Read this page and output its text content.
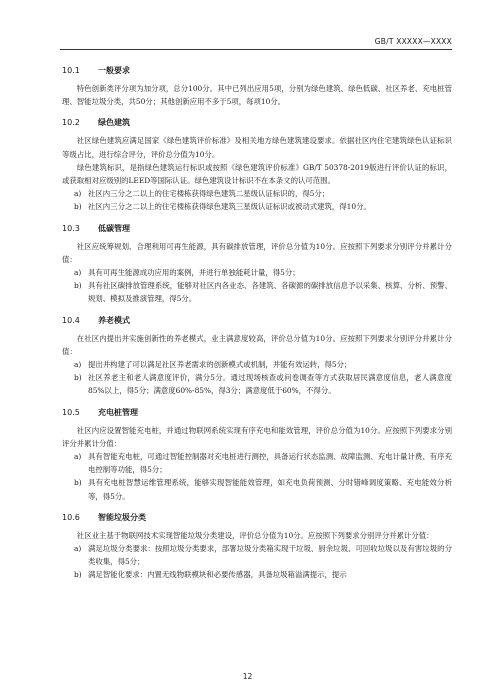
GB/T XXXXX—XXXX
10.1 一般要求

特色创新类评分项为加分项，总分100分。其中已列出应用5项，分别为绿色建筑、绿色低碳、社区养老、充电桩管理、智能垃圾分类，共50分；其他创新应用不多于5项，每项10分。

10.2 绿色建筑

社区绿色建筑应满足国家《绿色建筑评价标准》及相关地方绿色建筑建设要求。依据社区内住宅建筑绿色认证标识等级占比，进行综合评分，评价总分值为10分。

绿色建筑标识，是指绿色建筑运行标识或按照《绿色建筑评价标准》GB/T 50378-2019版进行评价认证的标识，或获取相对应级别的LEED等国际认证。绿色建筑设计标识不在本条文的认可范围。

a) 社区内三分之二以上的住宅楼栋获得绿色建筑二星级认证标识的，得5分；
b) 社区内三分之二以上的住宅楼栋获得绿色建筑三星级认证标识或被动式建筑，得10分。
10.3 低碳管理

社区应统筹规划、合理利用可再生能源，具有碳排放管理，评价总分值为10分。应按照下列要求分别评分并累计分值：

a) 具有可再生能源成功应用的案例，并进行单独能耗计量，得5分；
b) 具有社区碳排放管理系统，能够对社区内各业态、各建筑、各碳源的碳排放信息予以采集、核算、分析、预警、规划、模拟及推演管理，得5分。
10.4 养老模式

在社区内提出并实施创新性的养老模式，业主满意度较高，评价总分值为10分。应按照下列要求分别评分并累计分值：

a) 提出并构建了可以满足社区养老需求的创新模式或机制，并能有效运转，得5分；
b) 社区养老主和老人满意度评价，满分5分。通过现场核查或问卷调查等方式获取居民满意度信息，老人满意度85%以上，得5分；满意度60%-85%，得3分；满意度低于60%，不得分。
10.5 充电桩管理

社区内应设置智能充电桩，并通过物联网系统实现有序充电和能效管理，评价总分值为10分。应按照下列要求分别评分并累计分值：

a) 具有智能充电桩，可通过智能控制器对充电桩进行测控，具备运行状态监测、故障监测、充电计量计费、有序充电控制等功能，得5分；
b) 具有充电桩智慧运维管理系统，能够实现智能能效管理，如充电负荷预测、分时错峰调度策略、充电能效分析等，得5分。
10.6 智能垃圾分类

社区业主基于物联网技术实现智能垃圾分类建设，评价总分值为10分。应按照下列要求分别评分并累计分值：

a) 满足垃圾分类要求：按照垃圾分类要求，部署垃圾分类箱实现干垃圾、厨余垃圾、可回收垃圾以及有害垃圾的分类收集，得5分；
b) 满足智能化要求：内置无线物联模块和必要传感器，具备垃圾箱溢满提示，提示
12
